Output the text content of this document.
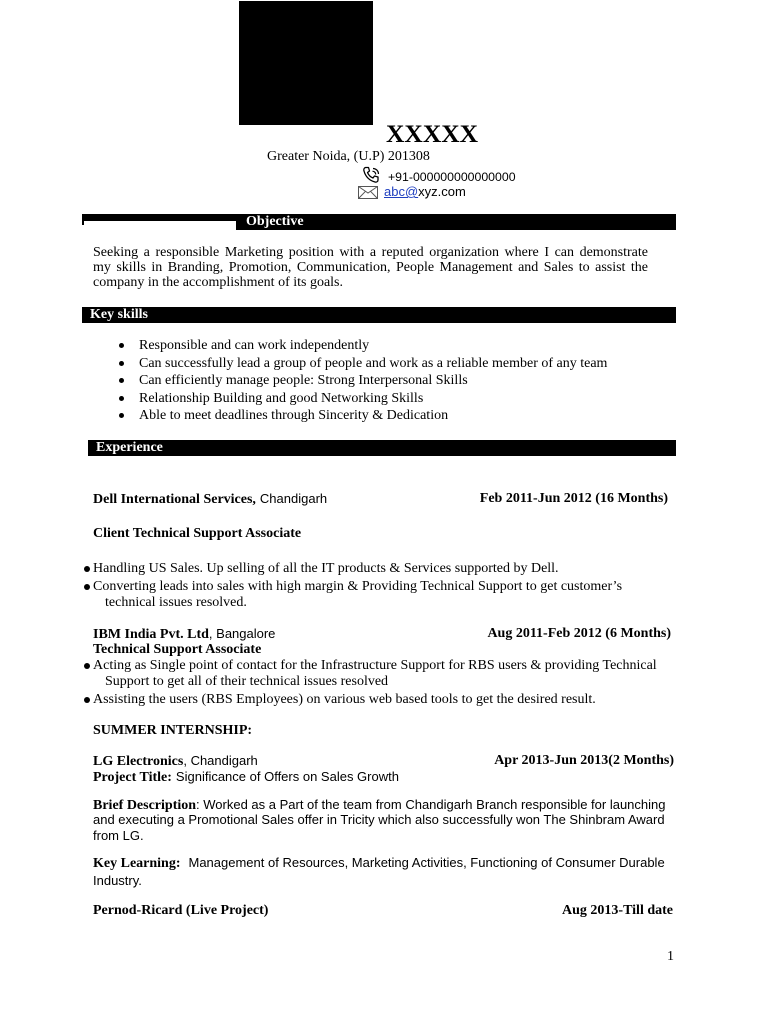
XXXXX
Greater Noida, (U.P) 201308
+91-000000000000000
abc@xyz.com
Objective
Seeking a responsible Marketing position with a reputed organization where I can demonstrate
my skills in Branding, Promotion, Communication, People Management and Sales to assist the
company in the accomplishment of its goals.
Key skills
Responsible and can work independently
Can successfully lead a group of people and work as a reliable member of any team
Can efficiently manage people: Strong Interpersonal Skills
Relationship Building and good Networking Skills
Able to meet deadlines through Sincerity & Dedication
Experience
Dell International Services, Chandigarh	Feb 2011-Jun 2012 (16 Months)
Client Technical Support Associate
Handling US Sales. Up selling of all the IT products & Services supported by Dell.
Converting leads into sales with high margin & Providing Technical Support to get customer’s
technical issues resolved.
IBM India Pvt. Ltd, Bangalore	Aug 2011-Feb 2012 (6 Months)
Technical Support Associate
Acting as Single point of contact for the Infrastructure Support for RBS users & providing Technical
Support to get all of their technical issues resolved
Assisting the users (RBS Employees) on various web based tools to get the desired result.
SUMMER INTERNSHIP:
LG Electronics, Chandigarh	Apr 2013-Jun 2013(2 Months)
Project Title: Significance of Offers on Sales Growth
Brief Description: Worked as a Part of the team from Chandigarh Branch responsible for launching
and executing a Promotional Sales offer in Tricity which also successfully won The Shinbram Award
from LG.
Key Learning: Management of Resources, Marketing Activities, Functioning of Consumer Durable
Industry.
Pernod-Ricard (Live Project)	Aug 2013-Till date
1
